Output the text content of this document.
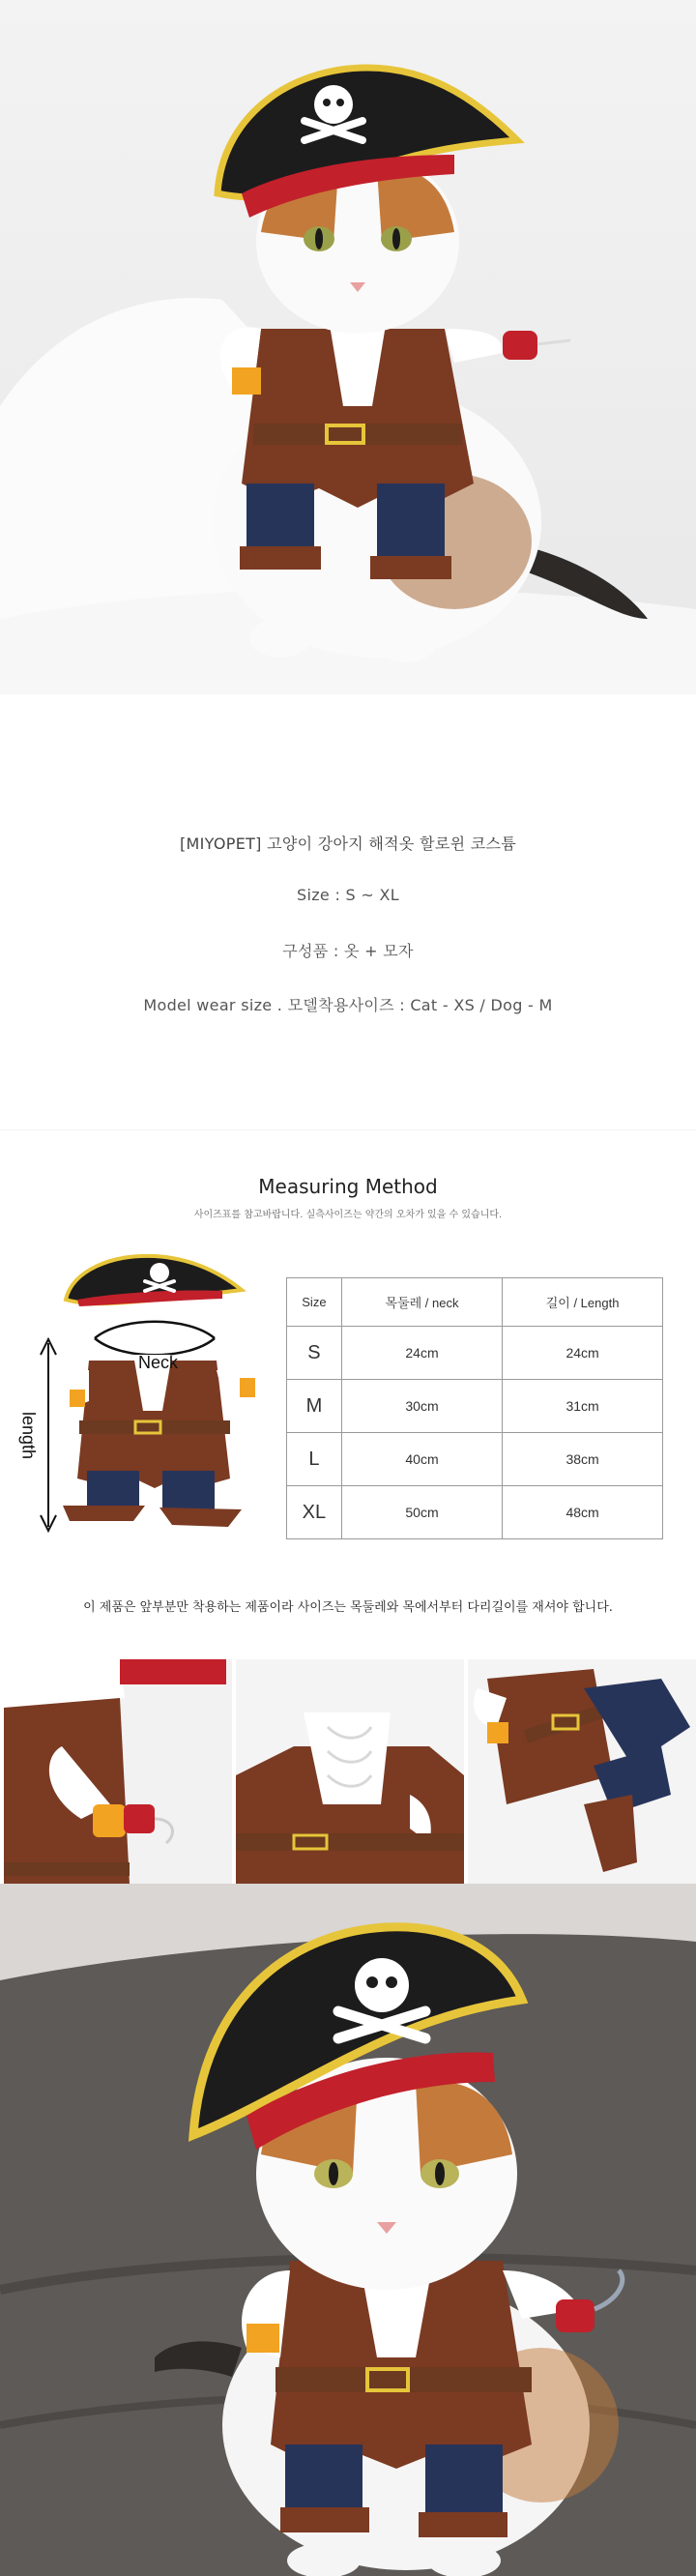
[MIYOPET] 고양이 강아지 해적옷 할로윈 코스튬
Size : S ~ XL
구성품 : 옷 + 모자
Model wear size . 모델착용사이즈 : Cat - XS / Dog - M
Measuring Method
사이즈표를 참고바랍니다. 실측사이즈는 약간의 오차가 있을 수 있습니다.
Neck
length
Size	목둘레 / neck	길이 / Length
S	24cm	24cm
M	30cm	31cm
L	40cm	38cm
XL	50cm	48cm
이 제품은 앞부분만 착용하는 제품이라 사이즈는 목둘레와 목에서부터 다리길이를 재셔야 합니다.
